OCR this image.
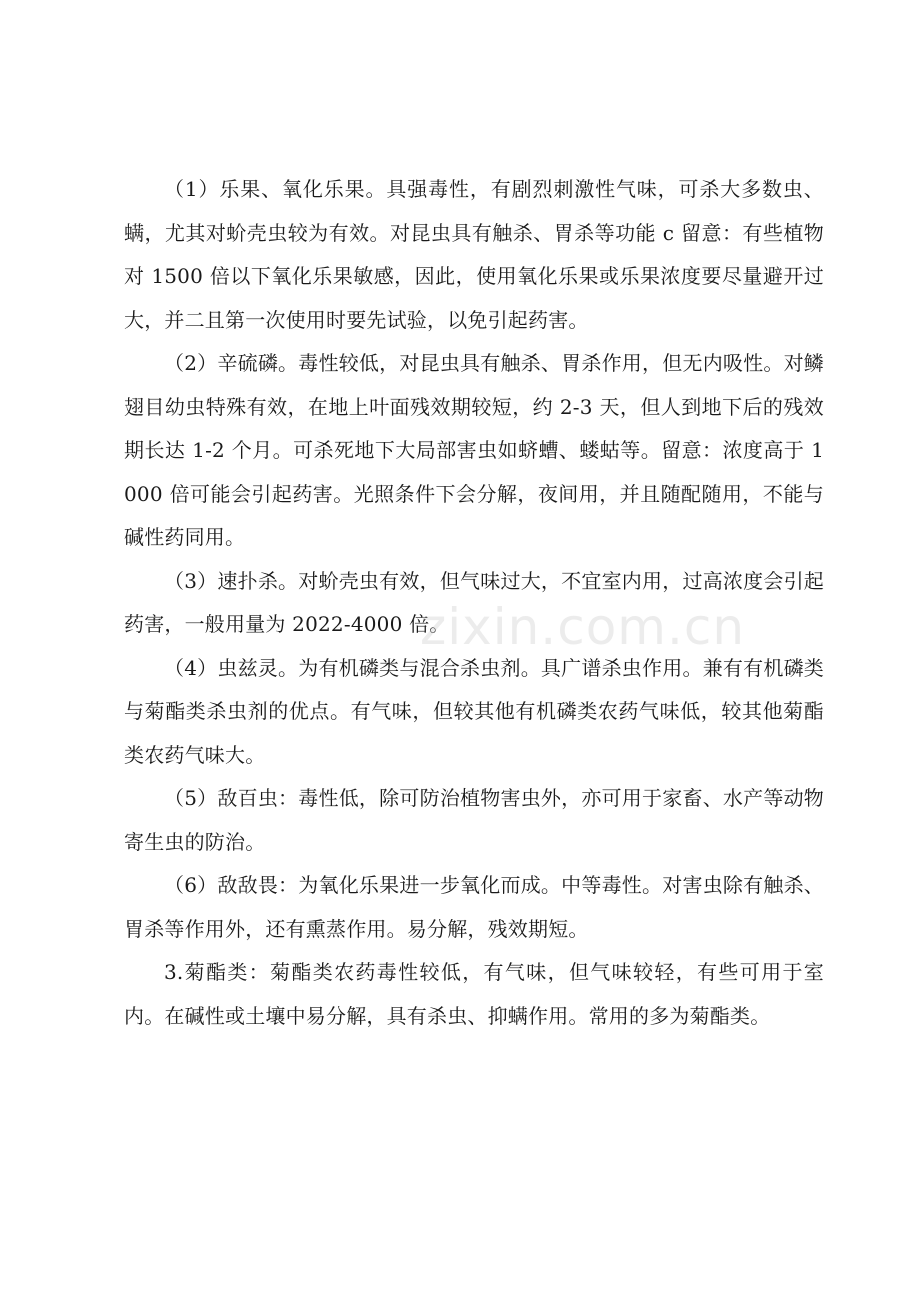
（1）乐果、氧化乐果。具强毒性，有剧烈刺激性气味，可杀大多数虫、螨，尤其对蚧壳虫较为有效。对昆虫具有触杀、胃杀等功能 c 留意：有些植物对 1500 倍以下氧化乐果敏感，因此，使用氧化乐果或乐果浓度要尽量避开过大，并二且第一次使用时要先试验，以免引起药害。

（2）辛硫磷。毒性较低，对昆虫具有触杀、胃杀作用，但无内吸性。对鳞翅目幼虫特殊有效，在地上叶面残效期较短，约 2-3 天，但人到地下后的残效期长达 1-2 个月。可杀死地下大局部害虫如蛴螬、蝼蛄等。留意：浓度高于 1000 倍可能会引起药害。光照条件下会分解，夜间用，并且随配随用，不能与碱性药同用。

（3）速扑杀。对蚧壳虫有效，但气味过大，不宜室内用，过高浓度会引起药害，一般用量为 2022-4000 倍。

（4）虫兹灵。为有机磷类与混合杀虫剂。具广谱杀虫作用。兼有有机磷类与菊酯类杀虫剂的优点。有气味，但较其他有机磷类农药气味低，较其他菊酯类农药气味大。

（5）敌百虫：毒性低，除可防治植物害虫外，亦可用于家畜、水产等动物寄生虫的防治。

（6）敌敌畏：为氧化乐果进一步氧化而成。中等毒性。对害虫除有触杀、胃杀等作用外，还有熏蒸作用。易分解，残效期短。

3.菊酯类：菊酯类农药毒性较低，有气味，但气味较轻，有些可用于室内。在碱性或土壤中易分解，具有杀虫、抑螨作用。常用的多为菊酯类。

zixin.com.cn
